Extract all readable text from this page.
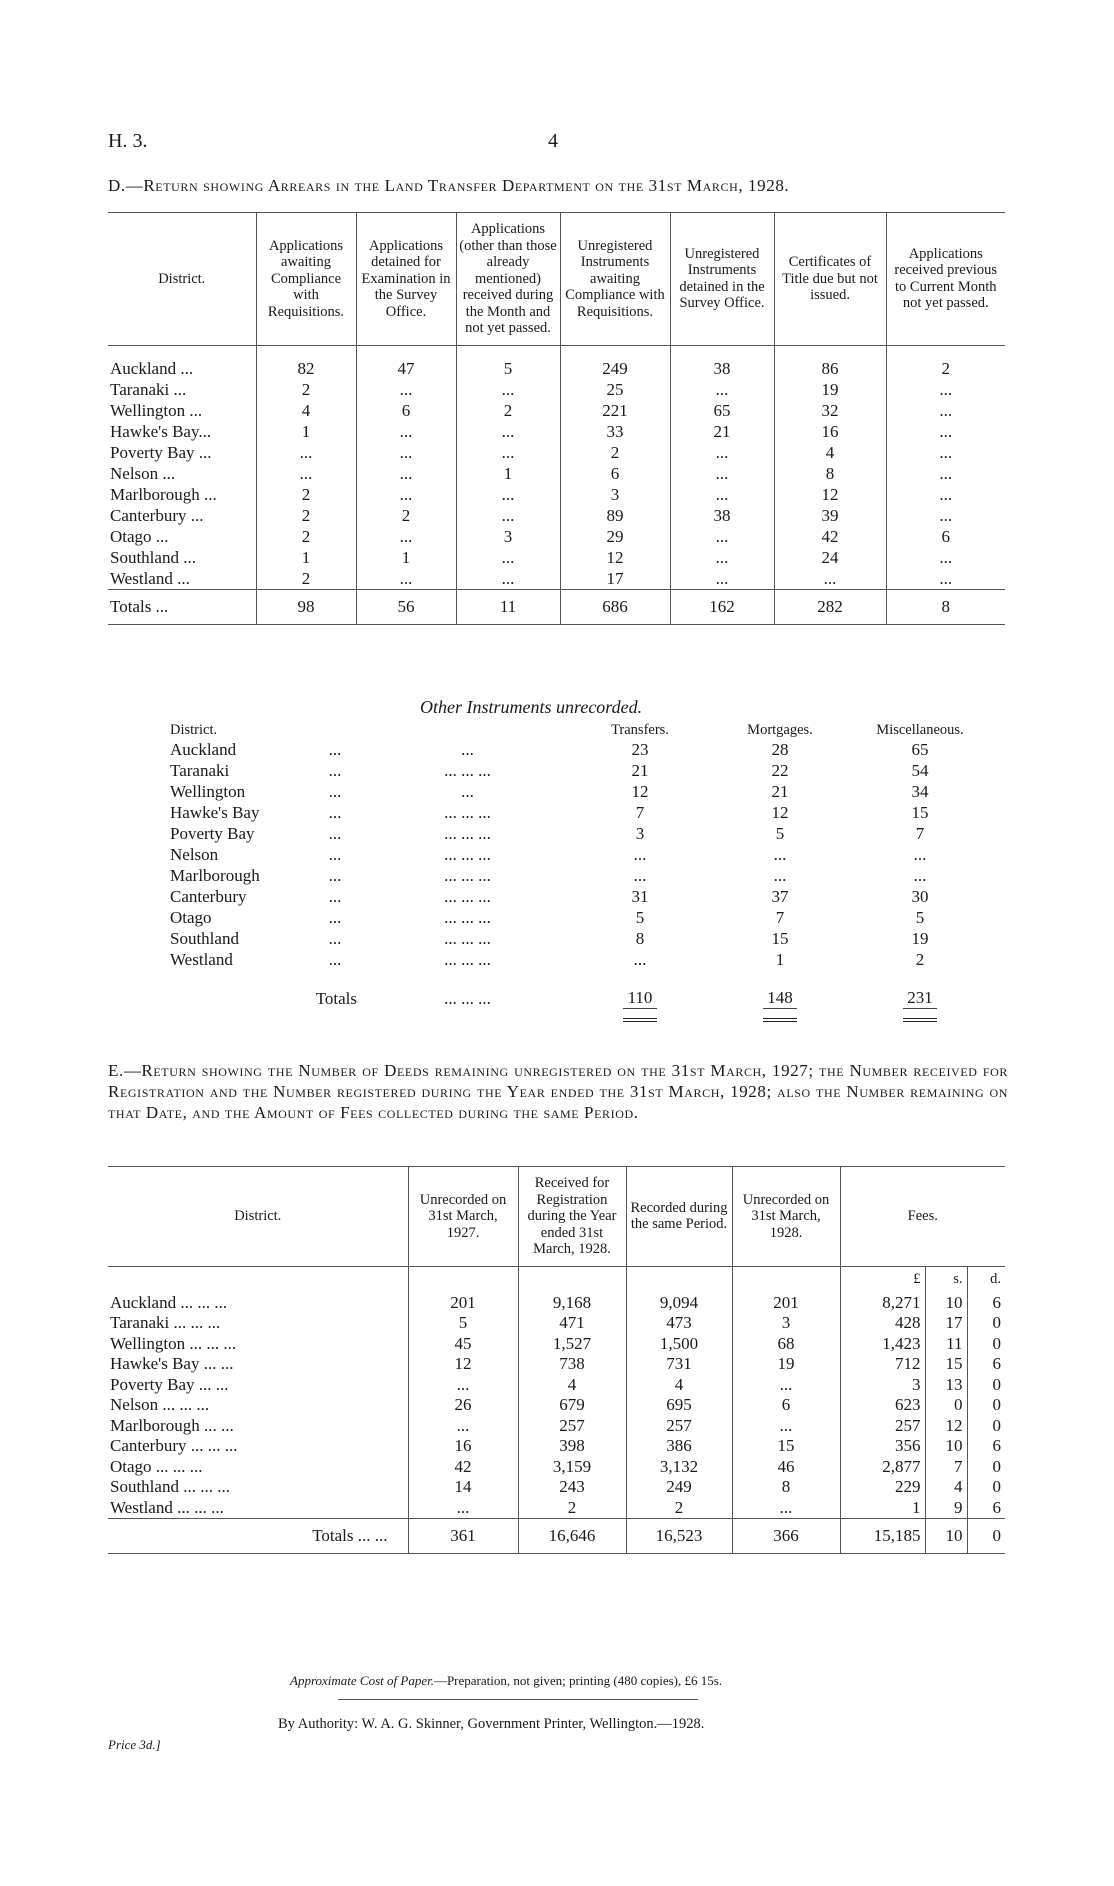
H. 3.	4
D.—Return showing Arrears in the Land Transfer Department on the 31st March, 1928.
District.	Applications awaiting Compliance with Requisitions.	Applications detained for Examination in the Survey Office.	Applications (other than those already mentioned) received during the Month and not yet passed.	Unregistered Instruments awaiting Compliance with Requisitions.	Unregistered Instruments detained in the Survey Office.	Certificates of Title due but not issued.	Applications received previous to Current Month not yet passed.
Auckland ...	82	47	5	249	38	86	2
Taranaki ...	2	...	...	25	...	19	...
Wellington ...	4	6	2	221	65	32	...
Hawke's Bay...	1	...	...	33	21	16	...
Poverty Bay ...	...	...	...	2	...	4	...
Nelson ...	...	...	1	6	...	8	...
Marlborough ...	2	...	...	3	...	12	...
Canterbury ...	2	2	...	89	38	39	...
Otago ...	2	...	3	29	...	42	6
Southland ...	1	1	...	12	...	24	...
Westland ...	2	...	...	17	...	...	...
Totals ...	98	56	11	686	162	282	8
Other Instruments unrecorded.
District.			Transfers.	Mortgages.	Miscellaneous.
Auckland	...	...	23	28	65
Taranaki	...	... ... ...	21	22	54
Wellington	...	...	12	21	34
Hawke's Bay	...	... ... ...	7	12	15
Poverty Bay	...	... ... ...	3	5	7
Nelson	...	... ... ...	...	...	...
Marlborough	...	... ... ...	...	...	...
Canterbury	...	... ... ...	31	37	30
Otago	...	... ... ...	5	7	5
Southland	...	... ... ...	8	15	19
Westland	...	... ... ...	...	1	2
Totals		... ... ...	110	148	231

E.—Return showing the Number of Deeds remaining unregistered on the 31st March, 1927; the Number received for Registration and the Number registered during the Year ended the 31st March, 1928; also the Number remaining on that Date, and the Amount of Fees collected during the same Period.
District.	Unrecorded on 31st March, 1927.	Received for Registration during the Year ended 31st March, 1928.	Recorded during the same Period.	Unrecorded on 31st March, 1928.	Fees.		
					£	s.	d.
Auckland ... ... ...	201	9,168	9,094	201	8,271	10	6
Taranaki ... ... ...	5	471	473	3	428	17	0
Wellington ... ... ...	45	1,527	1,500	68	1,423	11	0
Hawke's Bay ... ...	12	738	731	19	712	15	6
Poverty Bay ... ...	...	4	4	...	3	13	0
Nelson ... ... ...	26	679	695	6	623	0	0
Marlborough ... ...	...	257	257	...	257	12	0
Canterbury ... ... ...	16	398	386	15	356	10	6
Otago ... ... ...	42	3,159	3,132	46	2,877	7	0
Southland ... ... ...	14	243	249	8	229	4	0
Westland ... ... ...	...	2	2	...	1	9	6
Totals ... ...	361	16,646	16,523	366	15,185	10	0
Approximate Cost of Paper.—Preparation, not given; printing (480 copies), £6 15s.
By Authority: W. A. G. Skinner, Government Printer, Wellington.—1928.
Price 3d.]
